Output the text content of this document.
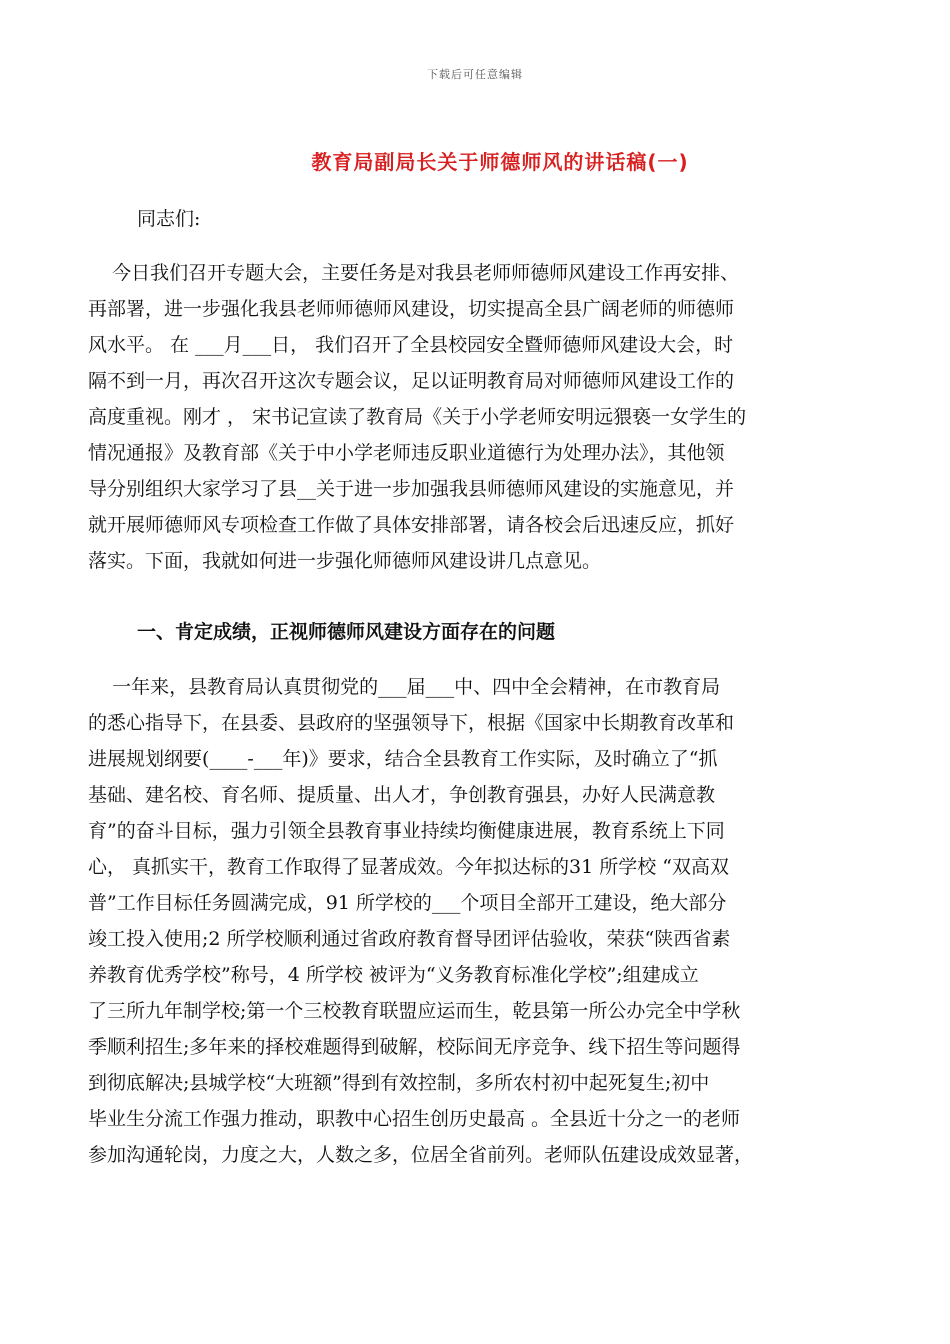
下载后可任意编辑
教育局副局长关于师德师风的讲话稿(一)
同志们:
今日我们召开专题大会，主要任务是对我县老师师德师风建设工作再安排、
再部署，进一步强化我县老师师德师风建设，切实提高全县广阔老师的师德师
风水平。 在 ___月___日， 我们召开了全县校园安全暨师德师风建设大会，时
隔不到一月，再次召开这次专题会议，足以证明教育局对师德师风建设工作的
高度重视。刚才 ， 宋书记宣读了教育局《关于小学老师安明远猥亵一女学生的
情况通报》及教育部《关于中小学老师违反职业道德行为处理办法》，其他领
导分别组织大家学习了县__关于进一步加强我县师德师风建设的实施意见，并
就开展师德师风专项检查工作做了具体安排部署，请各校会后迅速反应，抓好
落实。下面，我就如何进一步强化师德师风建设讲几点意见。
一、肯定成绩，正视师德师风建设方面存在的问题
一年来，县教育局认真贯彻党的___届___中、四中全会精神，在市教育局
的悉心指导下，在县委、县政府的坚强领导下，根据《国家中长期教育改革和
进展规划纲要(____-___年)》要求，结合全县教育工作实际，及时确立了“抓
基础、建名校、育名师、提质量、出人才，争创教育强县，办好人民满意教
育”的奋斗目标，强力引领全县教育事业持续均衡健康进展，教育系统上下同
心， 真抓实干，教育工作取得了显著成效。今年拟达标的31 所学校 “双高双
普”工作目标任务圆满完成，91 所学校的___个项目全部开工建设，绝大部分
竣工投入使用;2 所学校顺利通过省政府教育督导团评估验收，荣获“陕西省素
养教育优秀学校”称号，4 所学校 被评为“义务教育标准化学校”;组建成立
了三所九年制学校;第一个三校教育联盟应运而生，乾县第一所公办完全中学秋
季顺利招生;多年来的择校难题得到破解，校际间无序竞争、线下招生等问题得
到彻底解决;县城学校“大班额”得到有效控制，多所农村初中起死复生;初中
毕业生分流工作强力推动，职教中心招生创历史最高 。全县近十分之一的老师
参加沟通轮岗，力度之大，人数之多，位居全省前列。老师队伍建设成效显著，
